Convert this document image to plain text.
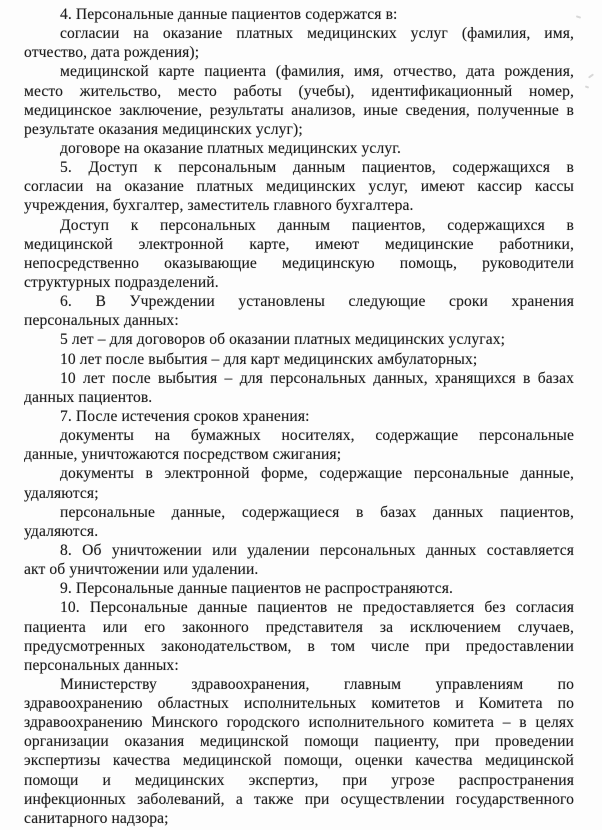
4. Персональные данные пациентов содержатся в:
согласии на оказание платных медицинских услуг (фамилия, имя,
отчество, дата рождения);
медицинской карте пациента (фамилия, имя, отчество, дата рождения,
место жительство, место работы (учебы), идентификационный номер,
медицинское заключение, результаты анализов, иные сведения, полученные в
результате оказания медицинских услуг);
договоре на оказание платных медицинских услуг.
5. Доступ к персональным данным пациентов, содержащихся в
согласии на оказание платных медицинских услуг, имеют кассир кассы
учреждения, бухгалтер, заместитель главного бухгалтера.
Доступ к персональных данным пациентов, содержащихся в
медицинской электронной карте, имеют медицинские работники,
непосредственно оказывающие медицинскую помощь, руководители
структурных подразделений.
6. В Учреждении установлены следующие сроки хранения
персональных данных:
5 лет – для договоров об оказании платных медицинских услугах;
10 лет после выбытия – для карт медицинских амбулаторных;
10 лет после выбытия – для персональных данных, хранящихся в базах
данных пациентов.
7. После истечения сроков хранения:
документы на бумажных носителях, содержащие персональные
данные, уничтожаются посредством сжигания;
документы в электронной форме, содержащие персональные данные,
удаляются;
персональные данные, содержащиеся в базах данных пациентов,
удаляются.
8. Об уничтожении или удалении персональных данных составляется
акт об уничтожении или удалении.
9. Персональные данные пациентов не распространяются.
10. Персональные данные пациентов не предоставляется без согласия
пациента или его законного представителя за исключением случаев,
предусмотренных законодательством, в том числе при предоставлении
персональных данных:
Министерству здравоохранения, главным управлениям по
здравоохранению областных исполнительных комитетов и Комитета по
здравоохранению Минского городского исполнительного комитета – в целях
организации оказания медицинской помощи пациенту, при проведении
экспертизы качества медицинской помощи, оценки качества медицинской
помощи и медицинских экспертиз, при угрозе распространения
инфекционных заболеваний, а также при осуществлении государственного
санитарного надзора;
